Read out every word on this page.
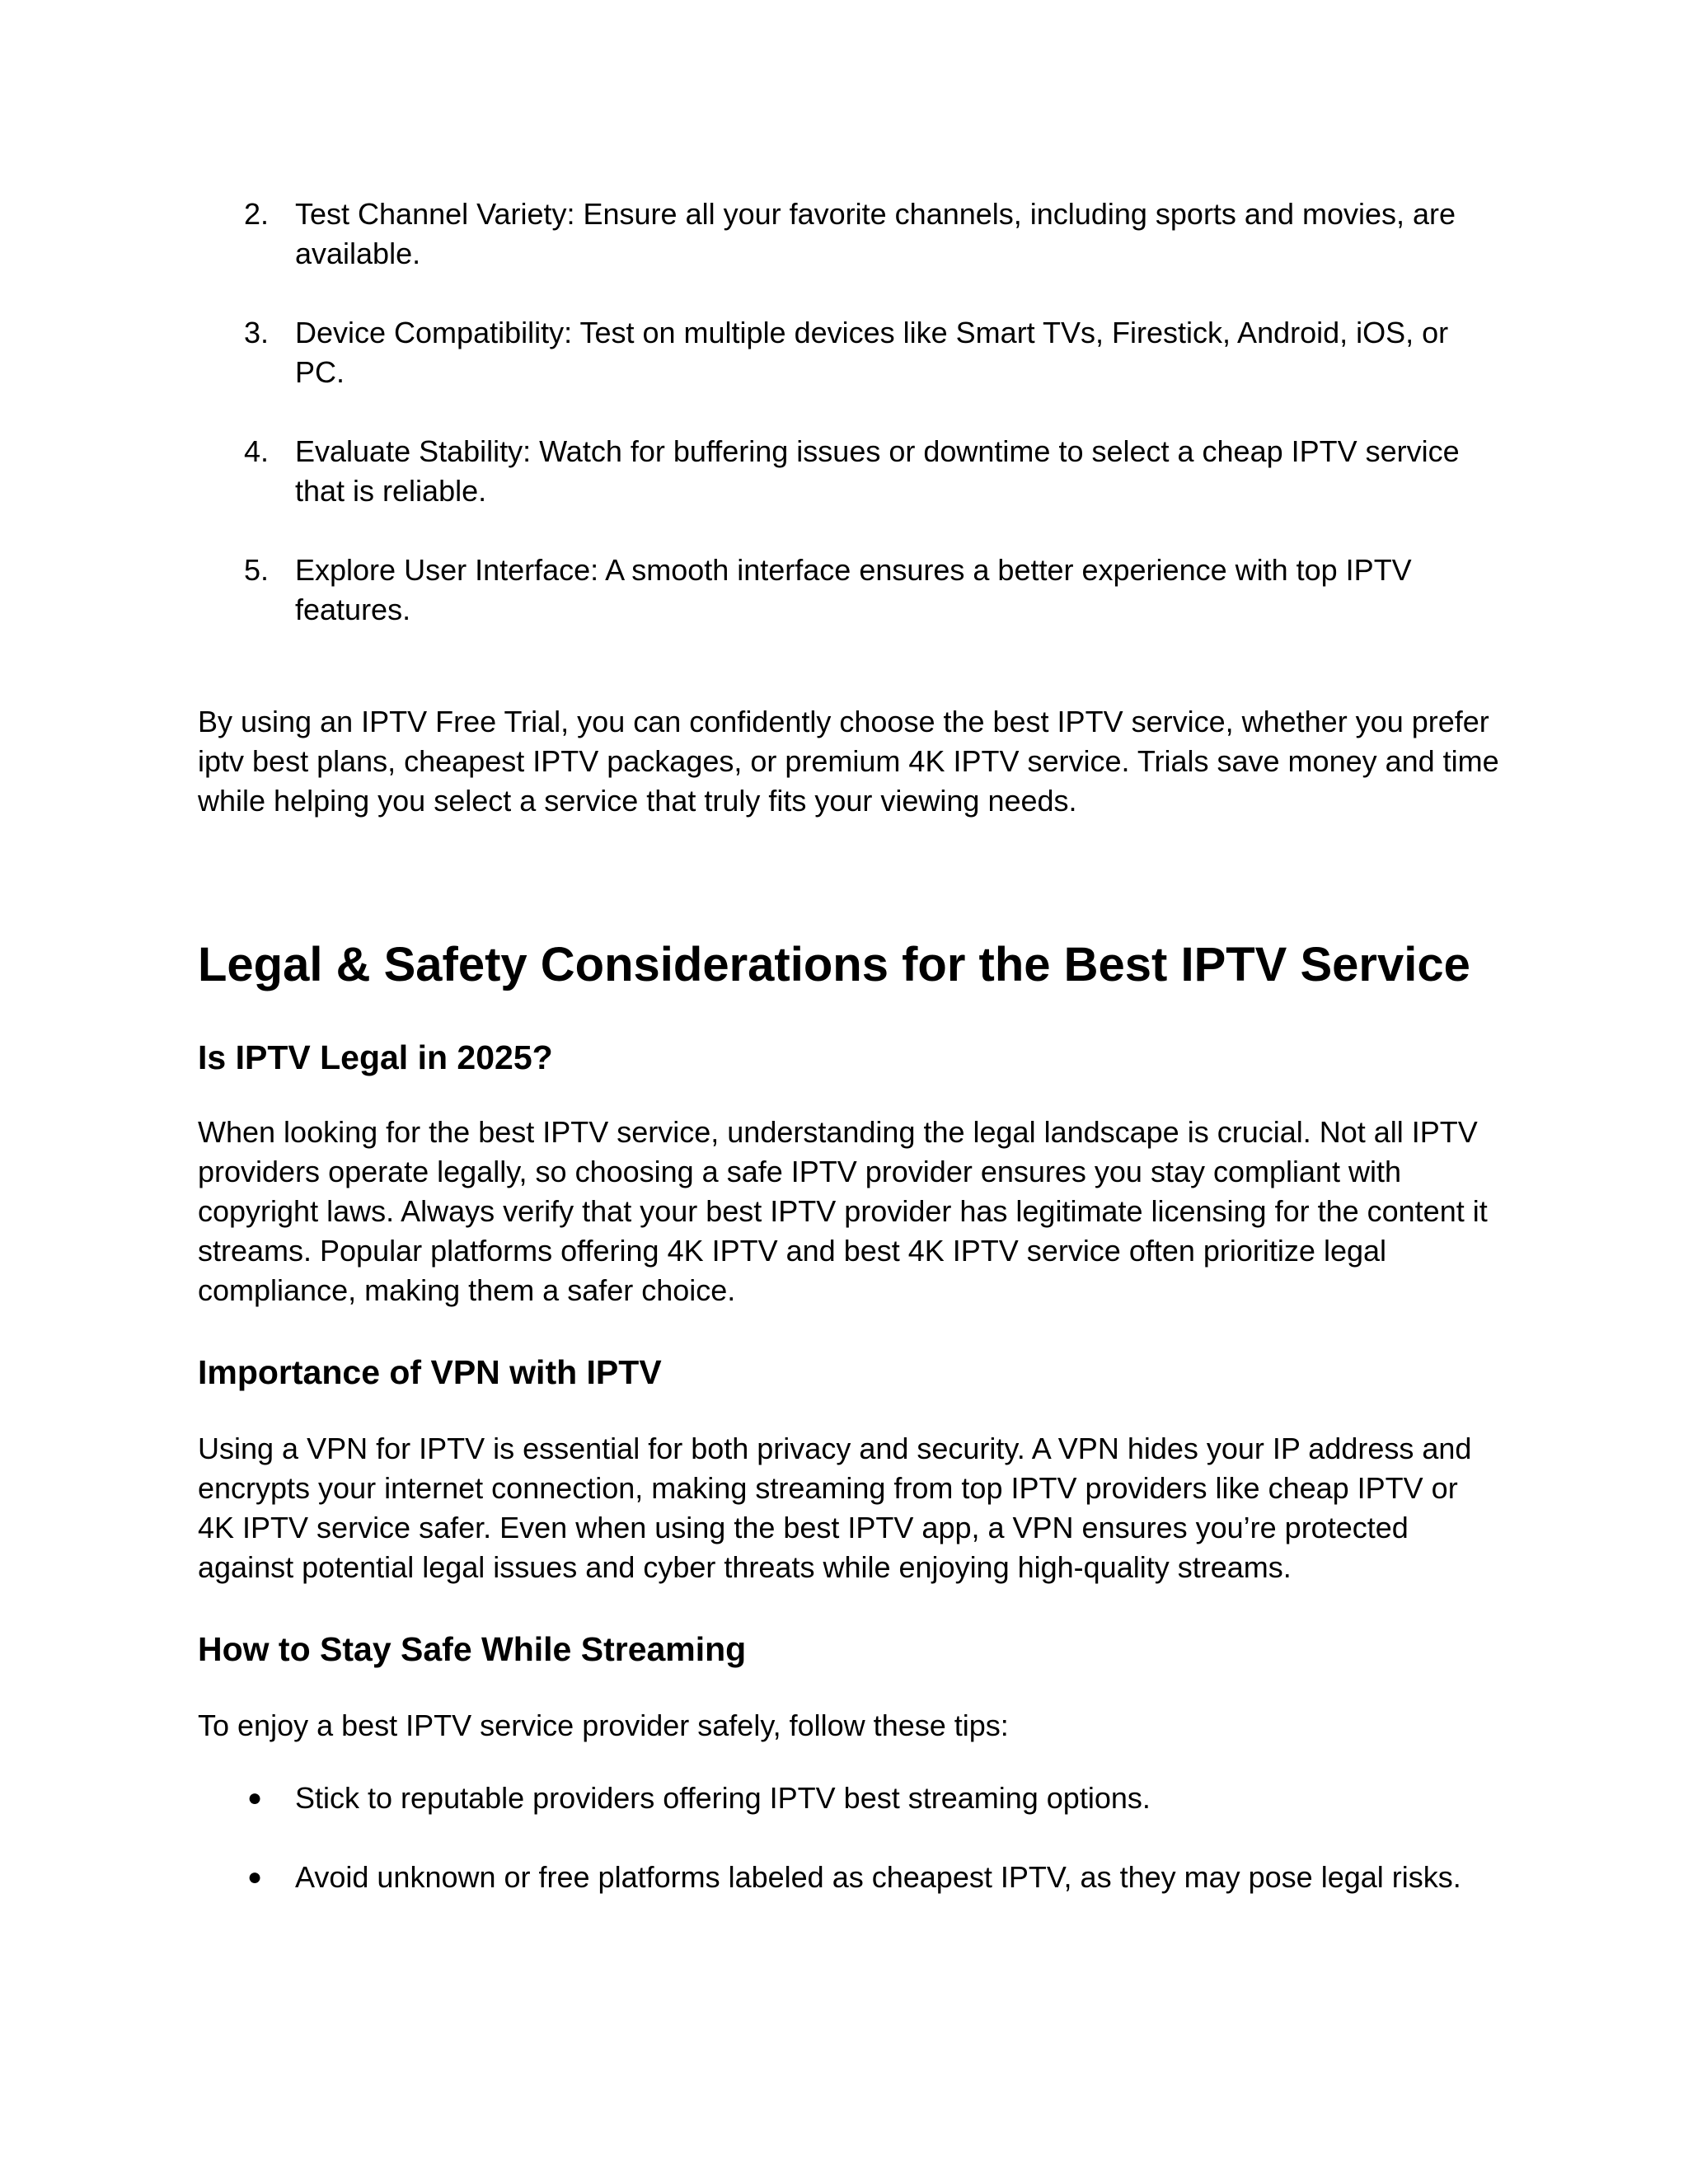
2. Test Channel Variety: Ensure all your favorite channels, including sports and movies, are available.
3. Device Compatibility: Test on multiple devices like Smart TVs, Firestick, Android, iOS, or PC.
4. Evaluate Stability: Watch for buffering issues or downtime to select a cheap IPTV service that is reliable.
5. Explore User Interface: A smooth interface ensures a better experience with top IPTV features.

By using an IPTV Free Trial, you can confidently choose the best IPTV service, whether you prefer iptv best plans, cheapest IPTV packages, or premium 4K IPTV service. Trials save money and time while helping you select a service that truly fits your viewing needs.

Legal & Safety Considerations for the Best IPTV Service
Is IPTV Legal in 2025?

When looking for the best IPTV service, understanding the legal landscape is crucial. Not all IPTV providers operate legally, so choosing a safe IPTV provider ensures you stay compliant with copyright laws. Always verify that your best IPTV provider has legitimate licensing for the content it streams. Popular platforms offering 4K IPTV and best 4K IPTV service often prioritize legal compliance, making them a safer choice.

Importance of VPN with IPTV

Using a VPN for IPTV is essential for both privacy and security. A VPN hides your IP address and encrypts your internet connection, making streaming from top IPTV providers like cheap IPTV or 4K IPTV service safer. Even when using the best IPTV app, a VPN ensures you’re protected against potential legal issues and cyber threats while enjoying high-quality streams.

How to Stay Safe While Streaming

To enjoy a best IPTV service provider safely, follow these tips:

● Stick to reputable providers offering IPTV best streaming options.
● Avoid unknown or free platforms labeled as cheapest IPTV, as they may pose legal risks.
